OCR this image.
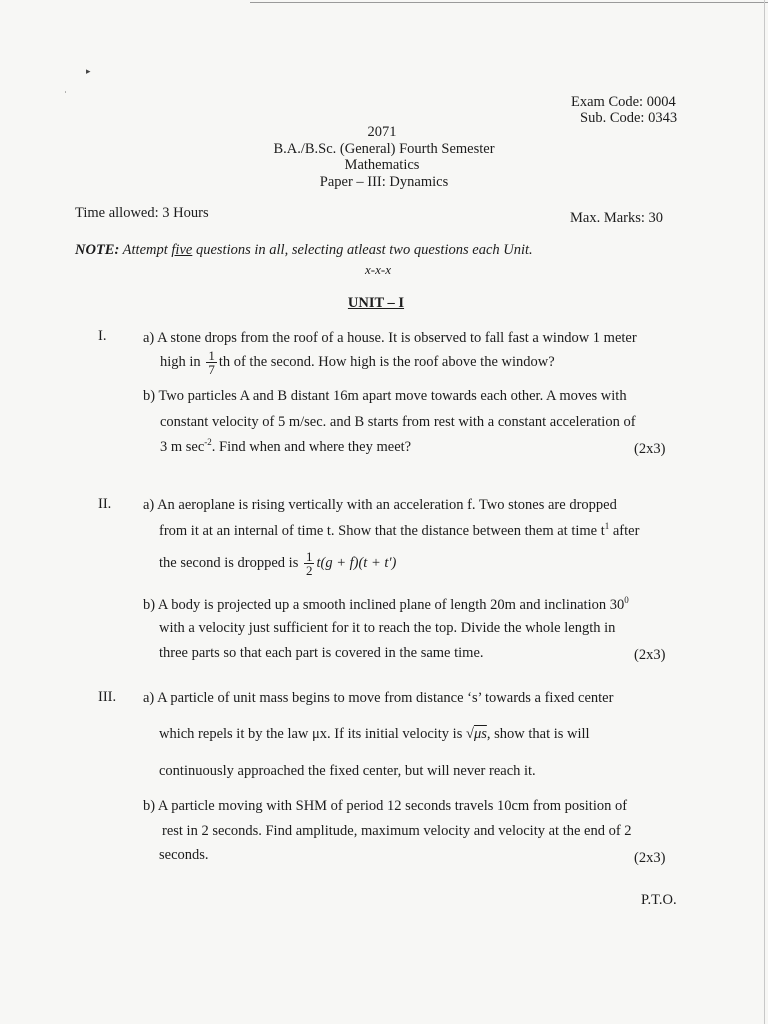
▸
˙	Exam Code: 0004
Sub. Code: 0343
2071
B.A./B.Sc. (General) Fourth Semester
Mathematics
Paper – III: Dynamics
Time allowed: 3 Hours	Max. Marks: 30
NOTE: Attempt five questions in all, selecting atleast two questions each Unit.
x-x-x
UNIT – I
I.	a) A stone drops from the roof of a house. It is observed to fall fast a window 1 meter
high in $\frac{1}{7}$ th of the second. How high is the roof above the window?
b) Two particles A and B distant 16m apart move towards each other. A moves with
constant velocity of 5 m/sec. and B starts from rest with a constant acceleration of
3 m $\sec^{-2}$. Find when and where they meet?	(2x3)
II. a) An aeroplane is rising vertically with an acceleration f. Two stones are dropped
from it at an internal of time t. Show that the distance between them at time $t^1$ after
the second is dropped is $\frac{1}{2} t(g + f)(t + t')$
b) A body is projected up a smooth inclined plane of length 20m and inclination $30^0$
with a velocity just sufficient for it to reach the top. Divide the whole length in
three parts so that each part is covered in the same time.	(2x3)
III. a) A particle of unit mass begins to move from distance ‘s’ towards a fixed center
which repels it by the law μx. If its initial velocity is √μs, show that is will
continuously approached the fixed center, but will never reach it.
b) A particle moving with SHM of period 12 seconds travels 10cm from position of
rest in 2 seconds. Find amplitude, maximum velocity and velocity at the end of 2
seconds.	(2x3)
P.T.O.
